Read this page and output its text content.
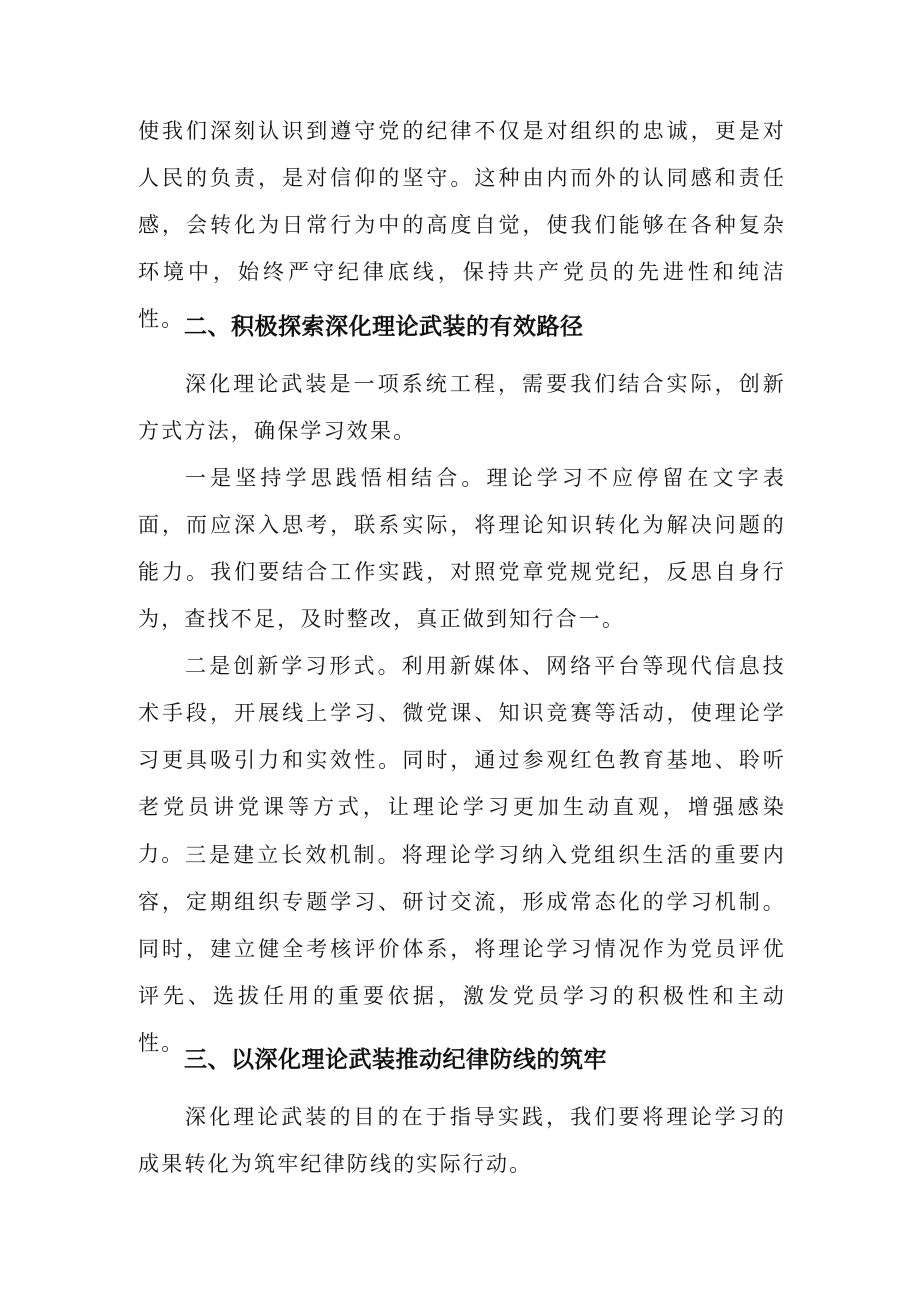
使我们深刻认识到遵守党的纪律不仅是对组织的忠诚，更是对人民的负责，是对信仰的坚守。这种由内而外的认同感和责任感，会转化为日常行为中的高度自觉，使我们能够在各种复杂环境中，始终严守纪律底线，保持共产党员的先进性和纯洁性。 二、积极探索深化理论武装的有效路径

深化理论武装是一项系统工程，需要我们结合实际，创新方式方法，确保学习效果。

一是坚持学思践悟相结合。理论学习不应停留在文字表面，而应深入思考，联系实际，将理论知识转化为解决问题的能力。我们要结合工作实践，对照党章党规党纪，反思自身行为，查找不足，及时整改，真正做到知行合一。

二是创新学习形式。利用新媒体、网络平台等现代信息技术手段，开展线上学习、微党课、知识竞赛等活动，使理论学习更具吸引力和实效性。同时，通过参观红色教育基地、聆听老党员讲党课等方式，让理论学习更加生动直观，增强感染力。 三是建立长效机制。将理论学习纳入党组织生活的重要内容，定期组织专题学习、研讨交流，形成常态化的学习机制。同时，建立健全考核评价体系，将理论学习情况作为党员评优评先、选拔任用的重要依据，激发党员学习的积极性和主动性。

三、以深化理论武装推动纪律防线的筑牢

深化理论武装的目的在于指导实践，我们要将理论学习的成果转化为筑牢纪律防线的实际行动。
